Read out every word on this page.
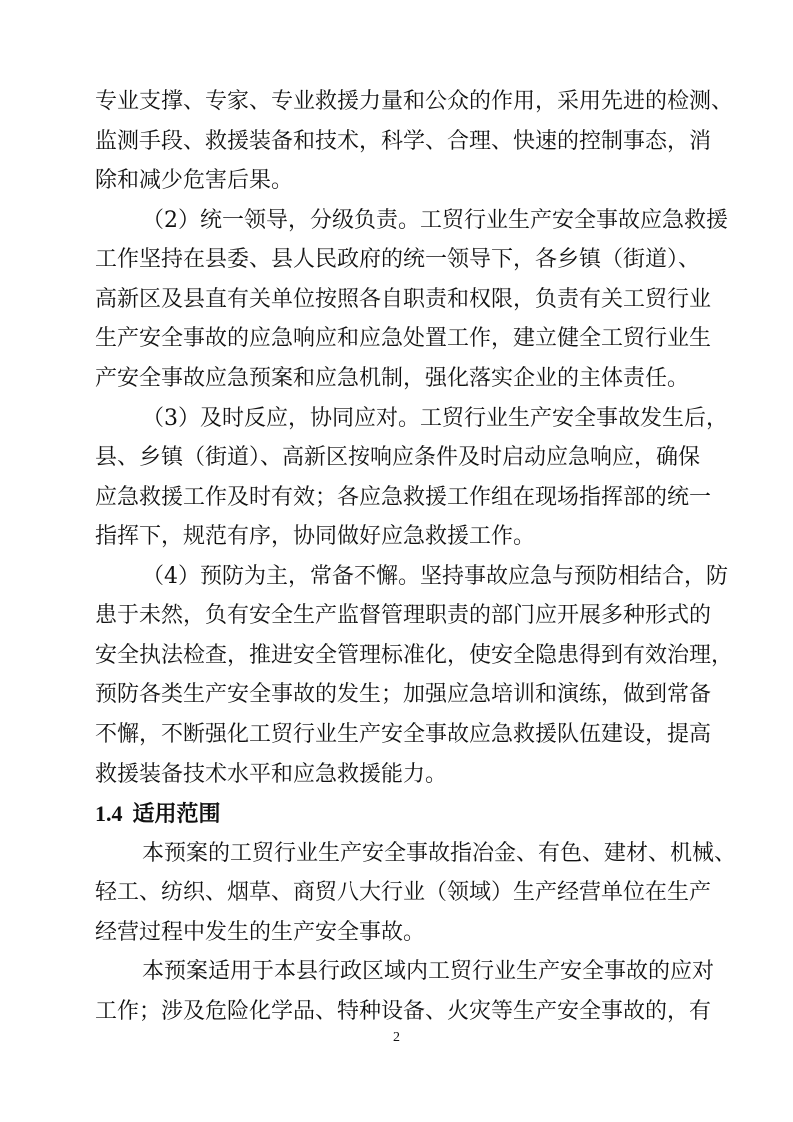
专业支撑、专家、专业救援力量和公众的作用，采用先进的检测、
监测手段、救援装备和技术，科学、合理、快速的控制事态，消
除和减少危害后果。
（2）统一领导，分级负责。工贸行业生产安全事故应急救援
工作坚持在县委、县人民政府的统一领导下，各乡镇（街道）、
高新区及县直有关单位按照各自职责和权限，负责有关工贸行业
生产安全事故的应急响应和应急处置工作，建立健全工贸行业生
产安全事故应急预案和应急机制，强化落实企业的主体责任。
（3）及时反应，协同应对。工贸行业生产安全事故发生后，
县、乡镇（街道）、高新区按响应条件及时启动应急响应，确保
应急救援工作及时有效；各应急救援工作组在现场指挥部的统一
指挥下，规范有序，协同做好应急救援工作。
（4）预防为主，常备不懈。坚持事故应急与预防相结合，防
患于未然，负有安全生产监督管理职责的部门应开展多种形式的
安全执法检查，推进安全管理标准化，使安全隐患得到有效治理，
预防各类生产安全事故的发生；加强应急培训和演练，做到常备
不懈，不断强化工贸行业生产安全事故应急救援队伍建设，提高
救援装备技术水平和应急救援能力。
1.4 适用范围
本预案的工贸行业生产安全事故指冶金、有色、建材、机械、
轻工、纺织、烟草、商贸八大行业（领域）生产经营单位在生产
经营过程中发生的生产安全事故。
本预案适用于本县行政区域内工贸行业生产安全事故的应对
工作；涉及危险化学品、特种设备、火灾等生产安全事故的，有
2
